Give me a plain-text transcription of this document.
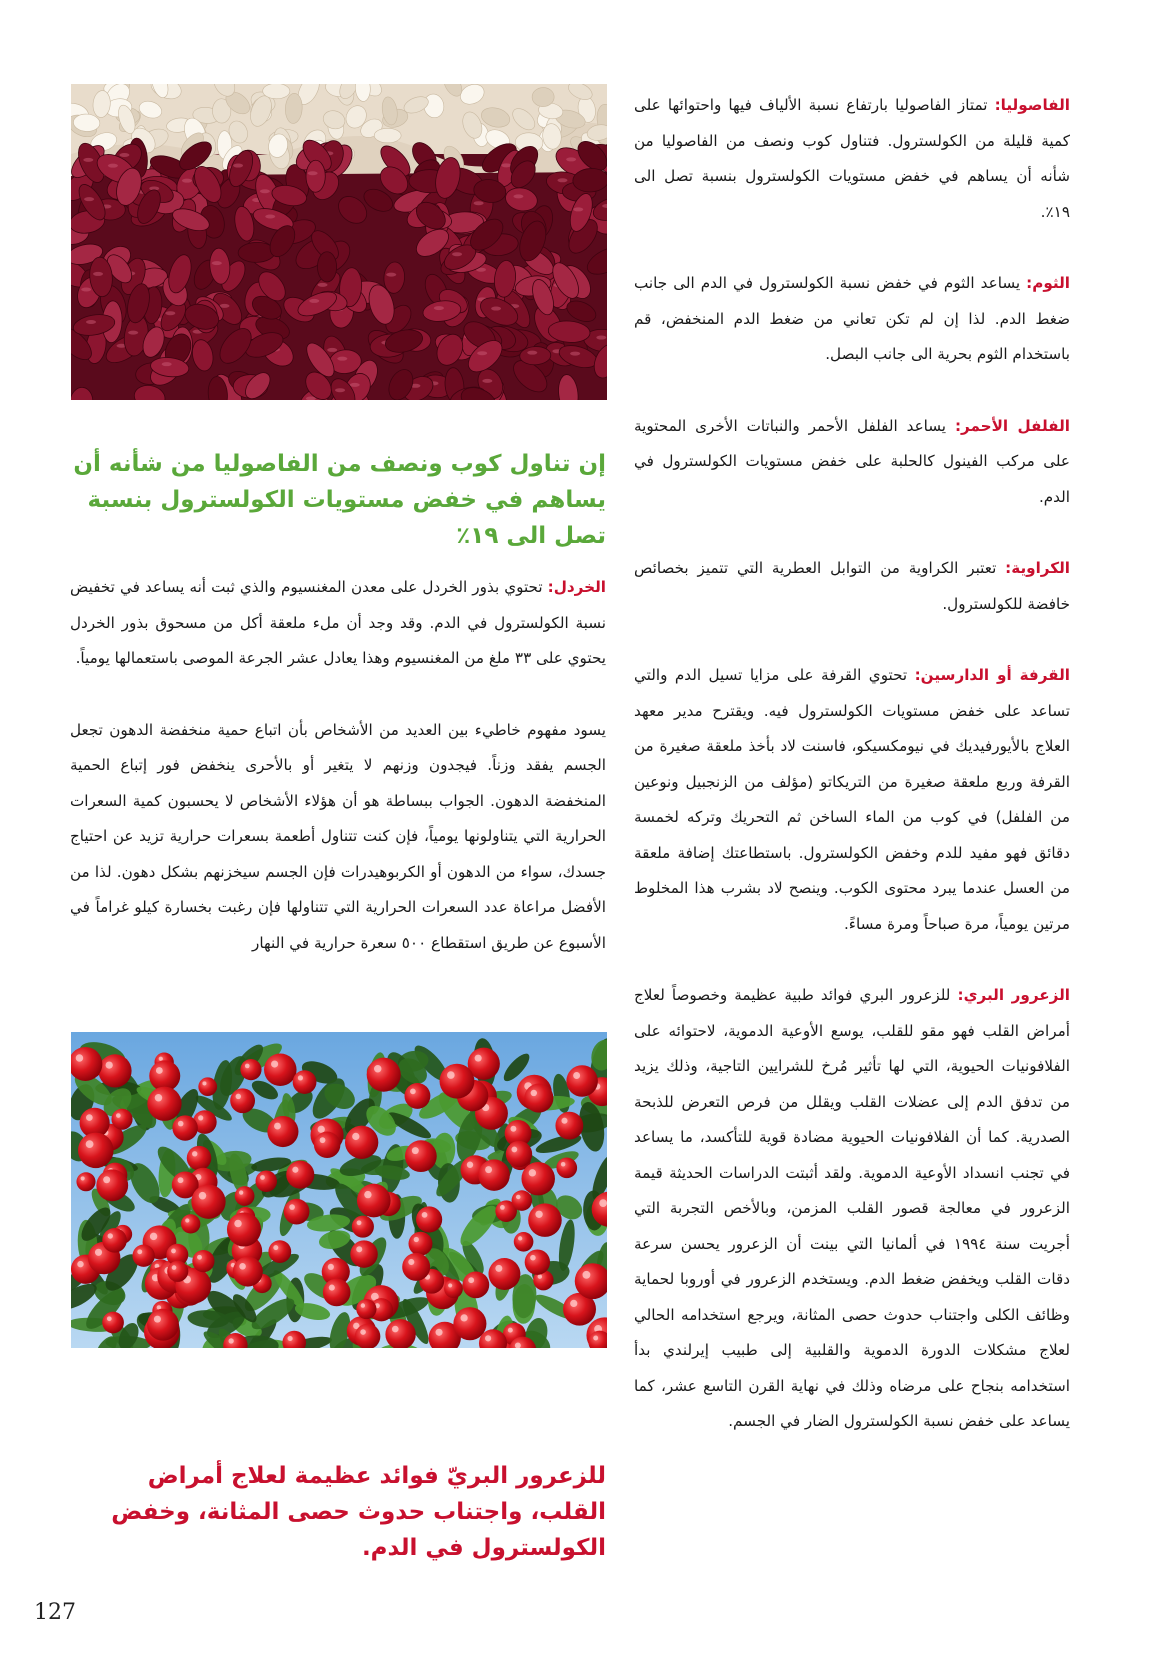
الفاصوليا: تمتاز الفاصوليا بارتفاع نسبة الألياف فيها واحتوائها على كمية قليلة من الكولسترول. فتناول كوب ونصف من الفاصوليا من شأنه أن يساهم في خفض مستويات الكولسترول بنسبة تصل الى ١٩٪.

الثوم: يساعد الثوم في خفض نسبة الكولسترول في الدم الى جانب ضغط الدم. لذا إن لم تكن تعاني من ضغط الدم المنخفض، قم باستخدام الثوم بحرية الى جانب البصل.

الفلفل الأحمر: يساعد الفلفل الأحمر والنباتات الأخرى المحتوية على مركب الفينول كالحلبة على خفض مستويات الكولسترول في الدم.

الكراوية: تعتبر الكراوية من التوابل العطرية التي تتميز بخصائص خافضة للكولسترول.

القرفة أو الدارسين: تحتوي القرفة على مزايا تسيل الدم والتي تساعد على خفض مستويات الكولسترول فيه. ويقترح مدير معهد العلاج بالأيورفيديك في نيومكسيكو، فاسنت لاد بأخذ ملعقة صغيرة من القرفة وربع ملعقة صغيرة من التريكاتو (مؤلف من الزنجبيل ونوعين من الفلفل) في كوب من الماء الساخن ثم التحريك وتركه لخمسة دقائق فهو مفيد للدم وخفض الكولسترول. باستطاعتك إضافة ملعقة من العسل عندما يبرد محتوى الكوب. وينصح لاد بشرب هذا المخلوط مرتين يومياً، مرة صباحاً ومرة مساءً.

الزعرور البري: للزعرور البري فوائد طبية عظيمة وخصوصاً لعلاج أمراض القلب فهو مقو للقلب، يوسع الأوعية الدموية، لاحتوائه على الفلافونيات الحيوية، التي لها تأثير مُرخ للشرايين التاجية، وذلك يزيد من تدفق الدم إلى عضلات القلب ويقلل من فرص التعرض للذبحة الصدرية. كما أن الفلافونيات الحيوية مضادة قوية للتأكسد، ما يساعد في تجنب انسداد الأوعية الدموية. ولقد أثبتت الدراسات الحديثة قيمة الزعرور في معالجة قصور القلب المزمن، وبالأخص التجربة التي أجريت سنة ١٩٩٤ في ألمانيا التي بينت أن الزعرور يحسن سرعة دقات القلب ويخفض ضغط الدم. ويستخدم الزعرور في أوروبا لحماية وظائف الكلى واجتناب حدوث حصى المثانة، ويرجع استخدامه الحالي لعلاج مشكلات الدورة الدموية والقلبية إلى طبيب إيرلندي بدأ استخدامه بنجاح على مرضاه وذلك في نهاية القرن التاسع عشر، كما يساعد على خفض نسبة الكولسترول الضار في الجسم.

إن تناول كوب ونصف من الفاصوليا من شأنه أن يساهم في خفض مستويات الكولسترول بنسبة تصل الى ١٩٪

الخردل: تحتوي بذور الخردل على معدن المغنسيوم والذي ثبت أنه يساعد في تخفيض نسبة الكولسترول في الدم. وقد وجد أن ملء ملعقة أكل من مسحوق بذور الخردل يحتوي على ٣٣ ملغ من المغنسيوم وهذا يعادل عشر الجرعة الموصى باستعمالها يومياً.

يسود مفهوم خاطيء بين العديد من الأشخاص بأن اتباع حمية منخفضة الدهون تجعل الجسم يفقد وزناً. فيجدون وزنهم لا يتغير أو بالأحرى ينخفض فور إتباع الحمية المنخفضة الدهون. الجواب ببساطة هو أن هؤلاء الأشخاص لا يحسبون كمية السعرات الحرارية التي يتناولونها يومياً، فإن كنت تتناول أطعمة بسعرات حرارية تزيد عن احتياج جسدك، سواء من الدهون أو الكربوهيدرات فإن الجسم سيخزنهم بشكل دهون. لذا من الأفضل مراعاة عدد السعرات الحرارية التي تتناولها فإن رغبت بخسارة كيلو غراماً في الأسبوع عن طريق استقطاع ٥٠٠ سعرة حرارية في النهار

للزعرور البريّ فوائد عظيمة لعلاج أمراض القلب، واجتناب حدوث حصى المثانة، وخفض الكولسترول في الدم.

127
